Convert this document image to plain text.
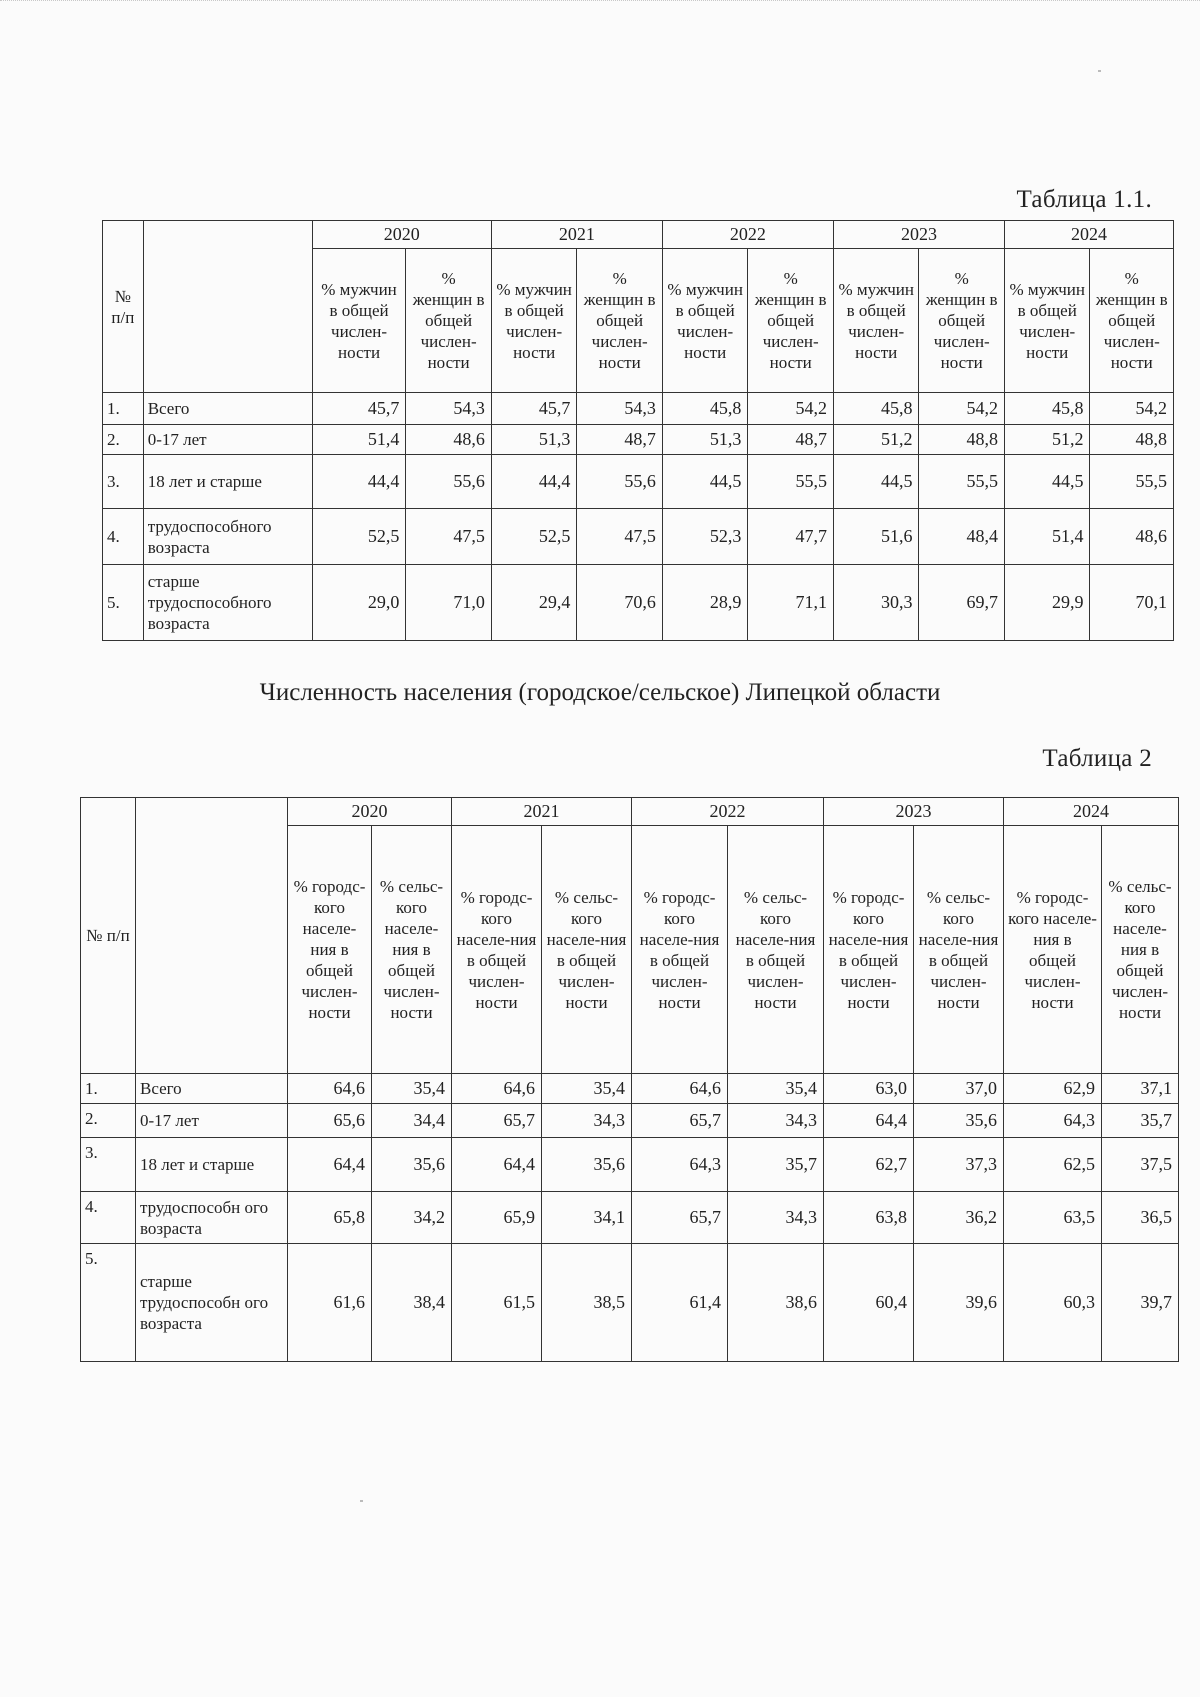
Таблица 1.1.
№ п/п		2020		2021		2022		2023		2024	
		% мужчин в общей числен-ности	% женщин в общей числен-ности	% мужчин в общей числен-ности	% женщин в общей числен-ности	% мужчин в общей числен-ности	% женщин в общей числен-ности	% мужчин в общей числен-ности	% женщин в общей числен-ности	% мужчин в общей числен-ности	% женщин в общей числен-ности
1.	Всего	45,7	54,3	45,7	54,3	45,8	54,2	45,8	54,2	45,8	54,2
2.	0-17 лет	51,4	48,6	51,3	48,7	51,3	48,7	51,2	48,8	51,2	48,8
3.	18 лет и старше	44,4	55,6	44,4	55,6	44,5	55,5	44,5	55,5	44,5	55,5
4.	трудоспособного возраста	52,5	47,5	52,5	47,5	52,3	47,7	51,6	48,4	51,4	48,6
5.	старше трудоспособного возраста	29,0	71,0	29,4	70,6	28,9	71,1	30,3	69,7	29,9	70,1
Численность населения (городское/сельское) Липецкой области
Таблица 2
№ п/п		2020		2021		2022		2023		2024	
		% городс-кого населе-ния в общей числен-ности	% сельс-кого населе-ния в общей числен-ности	% городс-кого населе-ния в общей числен-ности	% сельс-кого населе-ния в общей числен-ности	% городс-кого населе-ния в общей числен-ности	% сельс-кого населе-ния в общей числен-ности	% городс-кого населе-ния в общей числен-ности	% сельс-кого населе-ния в общей числен-ности	% городс-кого населе-ния в общей числен-ности	% сельс-кого населе-ния в общей числен-ности
1.	Всего	64,6	35,4	64,6	35,4	64,6	35,4	63,0	37,0	62,9	37,1
2.	0-17 лет	65,6	34,4	65,7	34,3	65,7	34,3	64,4	35,6	64,3	35,7
3.	18 лет и старше	64,4	35,6	64,4	35,6	64,3	35,7	62,7	37,3	62,5	37,5
4.	трудоспособн ого возраста	65,8	34,2	65,9	34,1	65,7	34,3	63,8	36,2	63,5	36,5
5.	старше трудоспособн ого возраста	61,6	38,4	61,5	38,5	61,4	38,6	60,4	39,6	60,3	39,7
